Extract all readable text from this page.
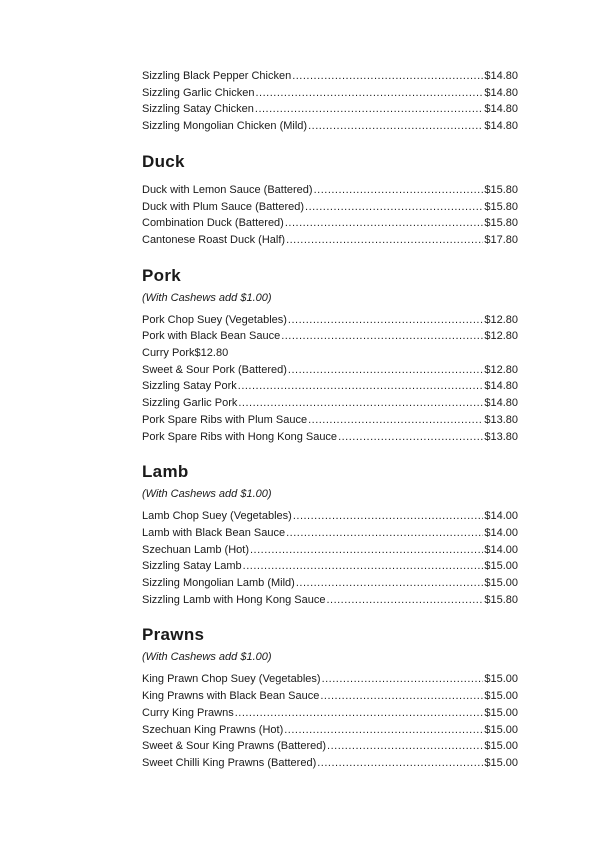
Sizzling Black Pepper Chicken .....	$14.80
Sizzling Garlic Chicken .....	$14.80
Sizzling Satay Chicken .....	$14.80
Sizzling Mongolian Chicken (Mild) .....	$14.80
Duck
Duck with Lemon Sauce (Battered) .....	$15.80
Duck with Plum Sauce (Battered) .....	$15.80
Combination Duck (Battered) .....	$15.80
Cantonese Roast Duck (Half) .....	$17.80
Pork
(With Cashews add $1.00)
Pork Chop Suey (Vegetables) .....	$12.80
Pork with Black Bean Sauce .....	$12.80
Curry Pork$12.80
Sweet & Sour Pork (Battered) .....	$12.80
Sizzling Satay Pork .....	$14.80
Sizzling Garlic Pork .....	$14.80
Pork Spare Ribs with Plum Sauce .....	$13.80
Pork Spare Ribs with Hong Kong Sauce .....	$13.80
Lamb
(With Cashews add $1.00)
Lamb Chop Suey (Vegetables) .....	$14.00
Lamb with Black Bean Sauce .....	$14.00
Szechuan Lamb (Hot) .....	$14.00
Sizzling Satay Lamb .....	$15.00
Sizzling Mongolian Lamb (Mild) .....	$15.00
Sizzling Lamb with Hong Kong Sauce .....	$15.80
Prawns
(With Cashews add $1.00)
King Prawn Chop Suey (Vegetables) .....	$15.00
King Prawns with Black Bean Sauce .....	$15.00
Curry King Prawns .....	$15.00
Szechuan King Prawns (Hot) .....	$15.00
Sweet & Sour King Prawns (Battered) .....	$15.00
Sweet Chilli King Prawns (Battered) .....	$15.00
